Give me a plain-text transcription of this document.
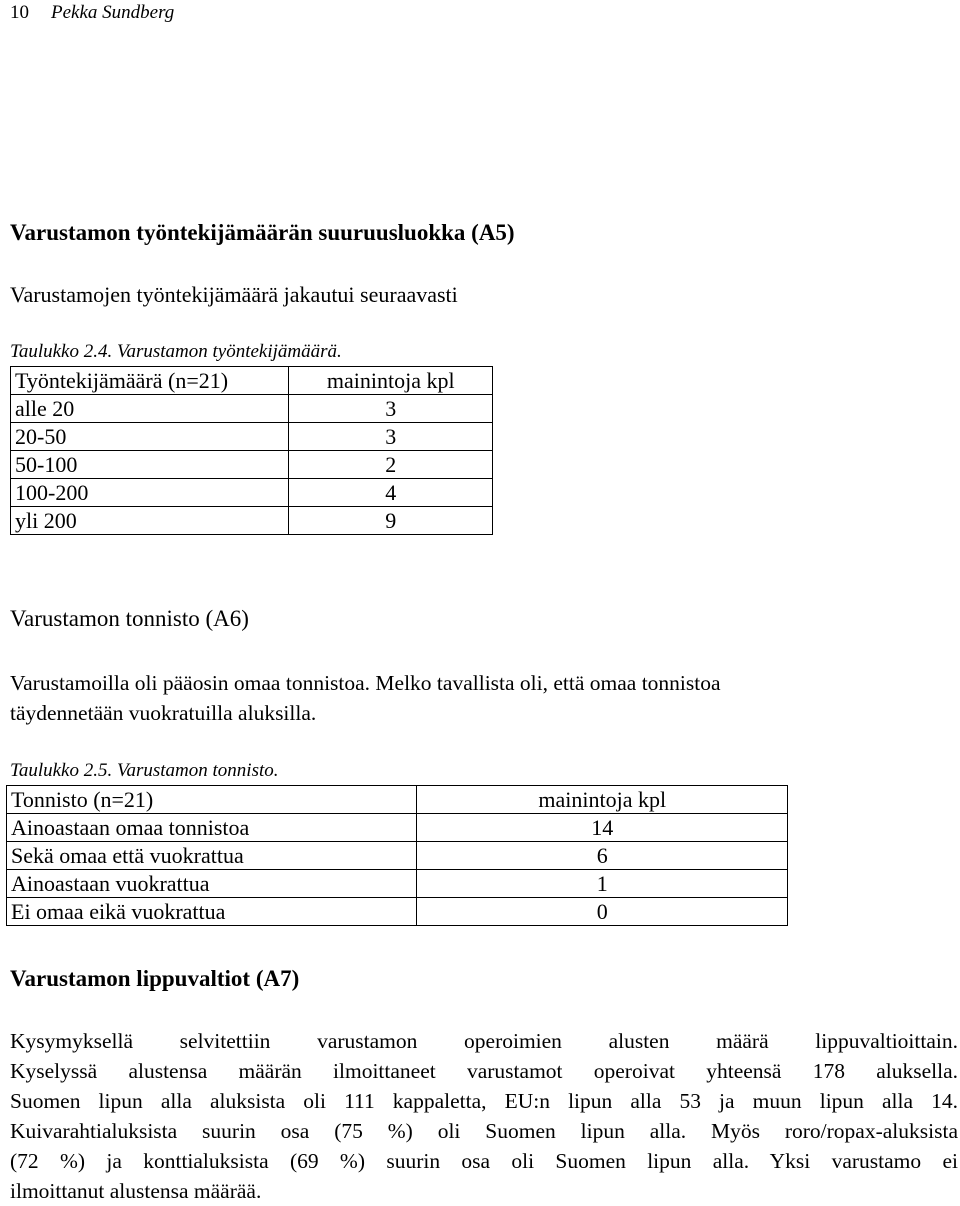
10 Pekka Sundberg
Varustamon työntekijämäärän suuruusluokka (A5)
Varustamojen työntekijämäärä jakautui seuraavasti
Taulukko 2.4. Varustamon työntekijämäärä.
Työntekijämäärä (n=21)	mainintoja kpl
alle 20	3
20-50	3
50-100	2
100-200	4
yli 200	9
Varustamon tonnisto (A6)
Varustamoilla oli pääosin omaa tonnistoa. Melko tavallista oli, että omaa tonnistoa
täydennetään vuokratuilla aluksilla.
Taulukko 2.5. Varustamon tonnisto.
Tonnisto (n=21)	mainintoja kpl
Ainoastaan omaa tonnistoa	14
Sekä omaa että vuokrattua	6
Ainoastaan vuokrattua	1
Ei omaa eikä vuokrattua	0
Varustamon lippuvaltiot (A7)
Kysymyksellä selvitettiin varustamon operoimien alusten määrä lippuvaltioittain.
Kyselyssä alustensa määrän ilmoittaneet varustamot operoivat yhteensä 178 aluksella.
Suomen lipun alla aluksista oli 111 kappaletta, EU:n lipun alla 53 ja muun lipun alla 14.
Kuivarahtialuksista suurin osa (75 %) oli Suomen lipun alla. Myös roro/ropax-aluksista
(72 %) ja konttialuksista (69 %) suurin osa oli Suomen lipun alla. Yksi varustamo ei
ilmoittanut alustensa määrää.
